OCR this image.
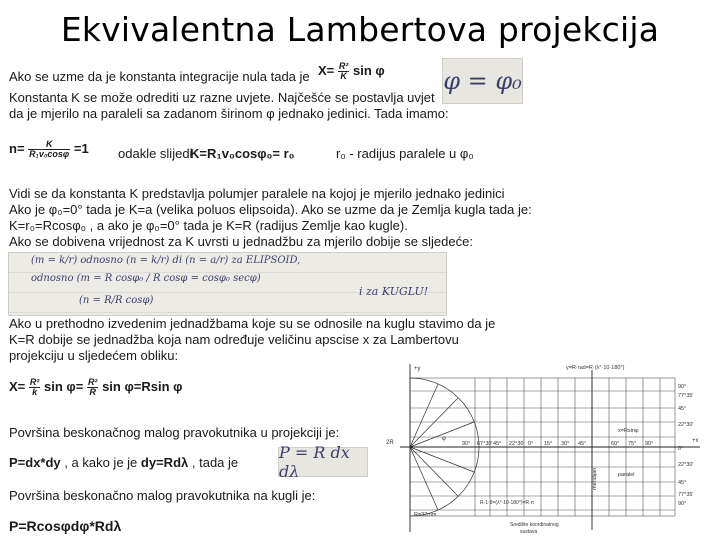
Ekvivalentna Lambertova projekcija
Ako se uzme da je konstanta integracije nula tada je $X= \frac{\text{R²}}{K}$ sin φ φ = φ₀
Konstanta K se može odrediti uz razne uvjete. Najčešće se postavlja uvjet
da je mjerilo na paraleli sa zadanom širinom φ jednako jedinici. Tada imamo:
$n= \frac{K}{\text{R₁v₀cosφ}} =1$ odakle slijedi
K=R₁v₀cosφ₀= r₀	r₀ - radijus paralele u φ₀
Vidi se da konstanta K predstavlja polumjer paralele na kojoj je mjerilo jednako jedinici
Ako je φ₀=0° tada je K=a (velika poluos elipsoida). Ako se uzme da je Zemlja kugla tada je:
K=r₀=Rcosφ₀ , a ako je φ₀=0° tada je K=R (radijus Zemlje kao kugle).
Ako se dobivena vrijednost za K uvrsti u jednadžbu za mjerilo dobije se sljedeće:
(m = k/r) odnosno (n = k/r) di (n = a/r) za ELIPSOID,
odnosno (m = R cosφ₀ / R cosφ = cosφ₀ secφ)
i za KUGLU!
(n = R/R cosφ)
Ako u prethodno izvedenim jednadžbama koje su se odnosile na kuglu stavimo da je
K=R dobije se jednadžba koja nam određuje veličinu apscise x za Lambertovu
projekciju u sljedećem obliku:
$X= \frac{\text{R²}}{k}$ $\sin \varphi= \frac{\text{R²}}{R}$ sin φ=Rsin φ
Površina beskonačnog malog pravokutnika u projekciji je:
P=dx*dy , a kako je je dy=Rdλ , tada je
P = R dx dλ
Površina beskonačno malog pravokutnika na kugli je:
P=Rcosφdφ*Rdλ
y=R·rad=R·(λ°·10·180°)
+y
+x
2R
φ
x=Rsinφ
paralel
meridijan
R=32mm
R·1·8=(λ°·10·180°)=R·π
Središte koordinatnog
sustava
90° 67°30' 45° 22°30' 0° 15° 30° 45°	60° 75° 90°
90°
77°35'
45°
22°30'
0°
22°30'
45°
77°35'
90°
